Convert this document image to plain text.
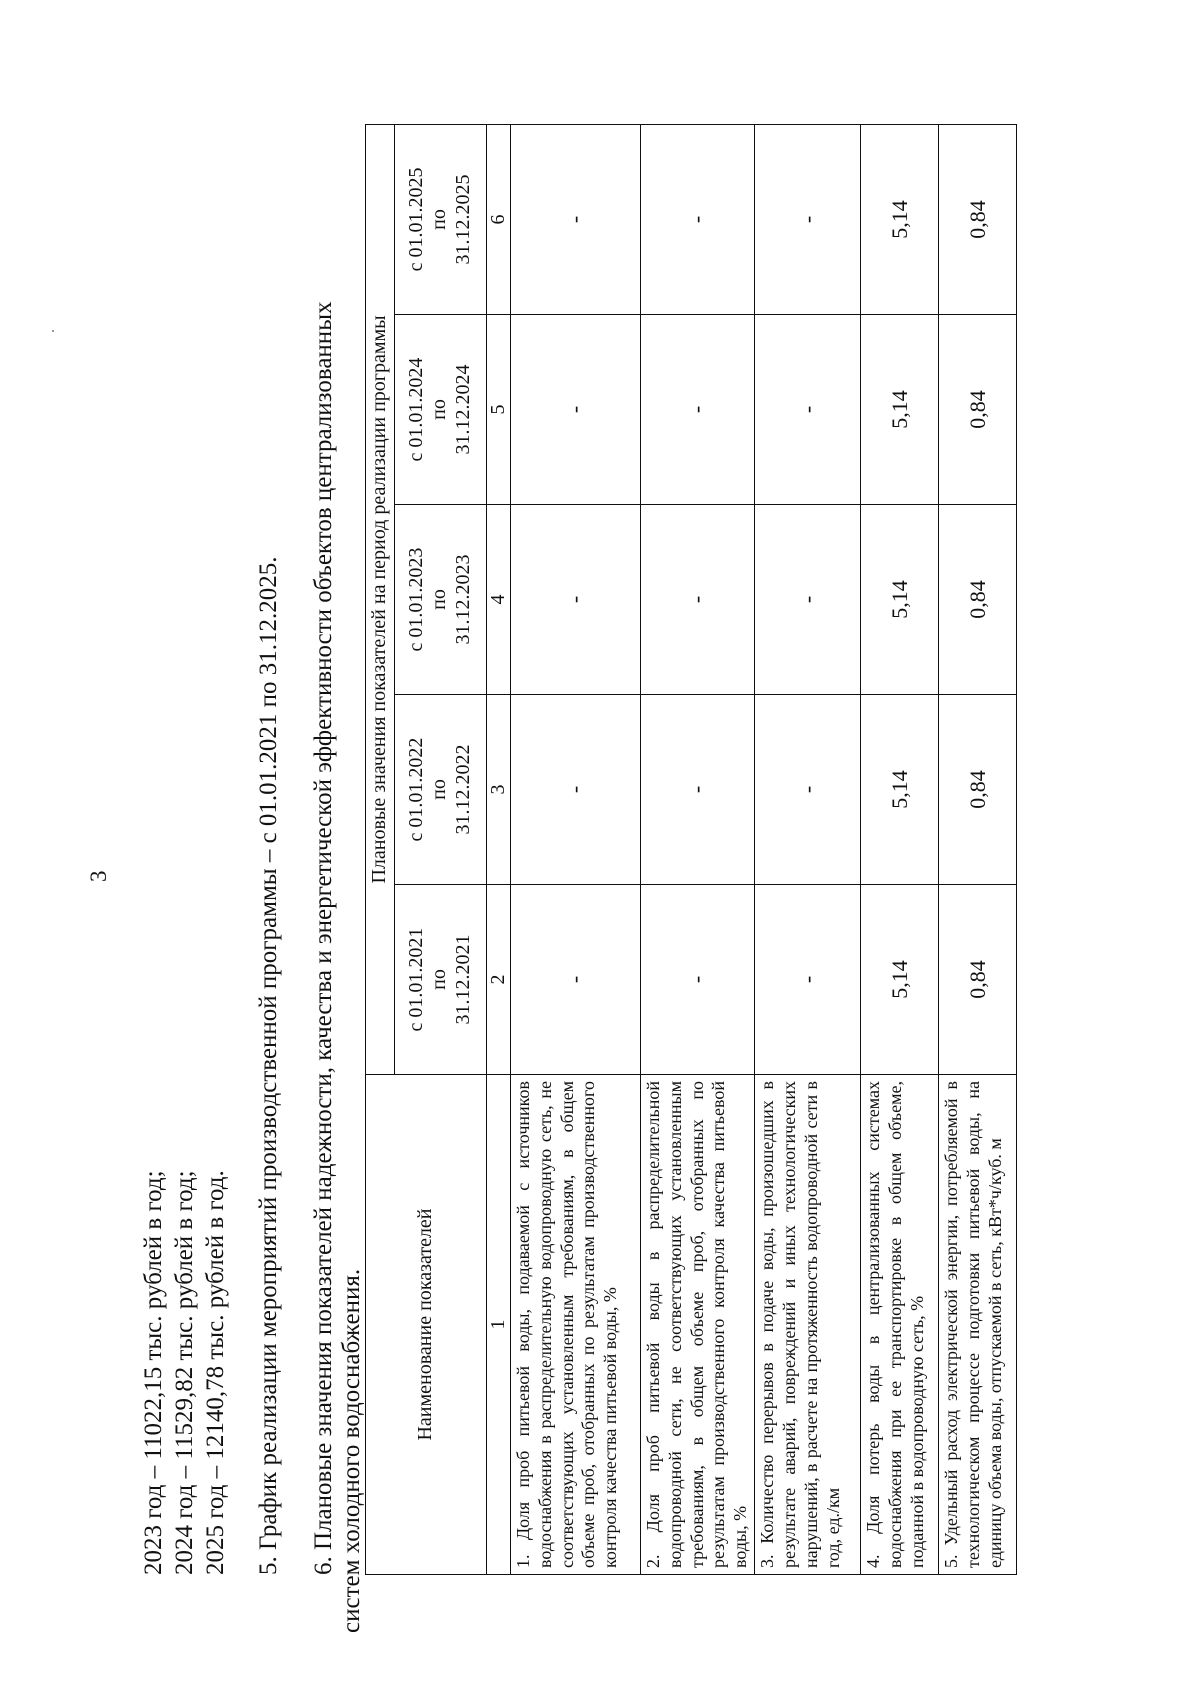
3
2023 год – 11022,15 тыс. рублей в год; 2024 год – 11529,82 тыс. рублей в год; 2025 год – 12140,78 тыс. рублей в год. 5. График реализации мероприятий производственной программы – с 01.01.2021 по 31.12.2025. 6. Плановые значения показателей надежности, качества и энергетической эффективности объектов централизованных систем холодного водоснабжения. Наименование показателей	Плановые значения показателей на период реализации программы				
	с 01.01.2021
по
31.12.2021	с 01.01.2022
по
31.12.2022	с 01.01.2023
по
31.12.2023	с 01.01.2024
по
31.12.2024	с 01.01.2025
по
31.12.2025
1	2	3	4	5	6
1. Доля проб питьевой воды, подаваемой с источников водоснабжения в распределительную водопроводную сеть, не соответствующих установленным требованиям, в общем объеме проб, отобранных по результатам производственного контроля качества питьевой воды, %	-	-	-	-	-
2. Доля проб питьевой воды в распределительной водопроводной сети, не соответствующих установленным требованиям, в общем объеме проб, отобранных по результатам производственного контроля качества питьевой воды, %	-	-	-	-	-
3. Количество перерывов в подаче воды, произошедших в результате аварий, повреждений и иных технологических нарушений, в расчете на протяженность водопроводной сети в год, ед./км	-	-	-	-	-
4. Доля потерь воды в централизованных системах водоснабжения при ее транспортировке в общем объеме, поданной в водопроводную сеть, %	5,14	5,14	5,14	5,14	5,14
5. Удельный расход электрической энергии, потребляемой в технологическом процессе подготовки питьевой воды, на единицу объема воды, отпускаемой в сеть, кВт*ч/куб. м	0,84	0,84	0,84	0,84	0,84
